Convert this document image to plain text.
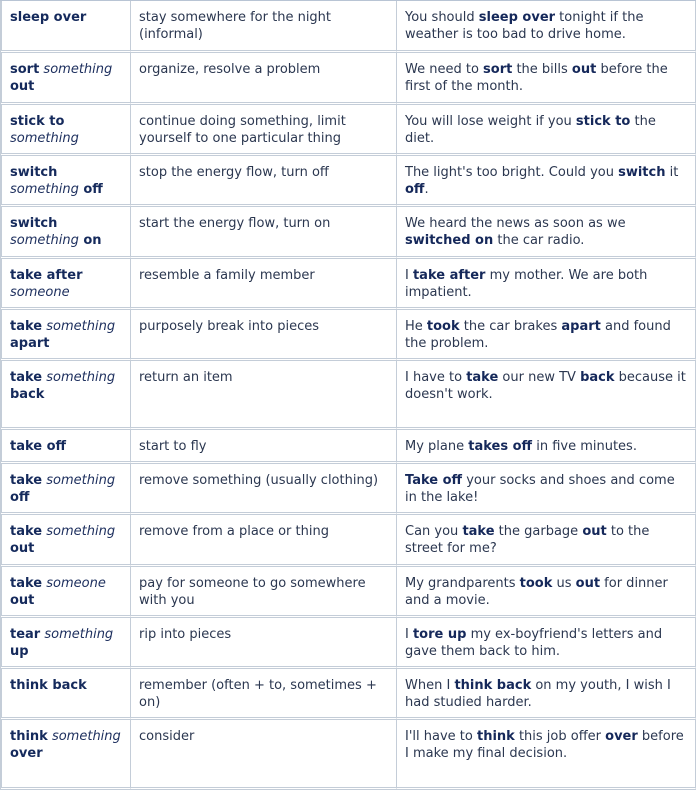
sleep over	stay somewhere for the night (informal)	You should sleep over tonight if the weather is too bad to drive home.
sort something out	organize, resolve a problem	We need to sort the bills out before the first of the month.
stick to something	continue doing something, limit yourself to one particular thing	You will lose weight if you stick to the diet.
switch something off	stop the energy flow, turn off	The light's too bright. Could you switch it off.
switch something on	start the energy flow, turn on	We heard the news as soon as we switched on the car radio.
take after someone	resemble a family member	I take after my mother. We are both impatient.
take something apart	purposely break into pieces	He took the car brakes apart and found the problem.
take something back	return an item	I have to take our new TV back because it doesn't work.
take off	start to fly	My plane takes off in five minutes.
take something off	remove something (usually clothing)	Take off your socks and shoes and come in the lake!
take something out	remove from a place or thing	Can you take the garbage out to the street for me?
take someone out	pay for someone to go somewhere with you	My grandparents took us out for dinner and a movie.
tear something up	rip into pieces	I tore up my ex-boyfriend's letters and gave them back to him.
think back	remember (often + to, sometimes + on)	When I think back on my youth, I wish I had studied harder.
think something over	consider	I'll have to think this job offer over before I make my final decision.
